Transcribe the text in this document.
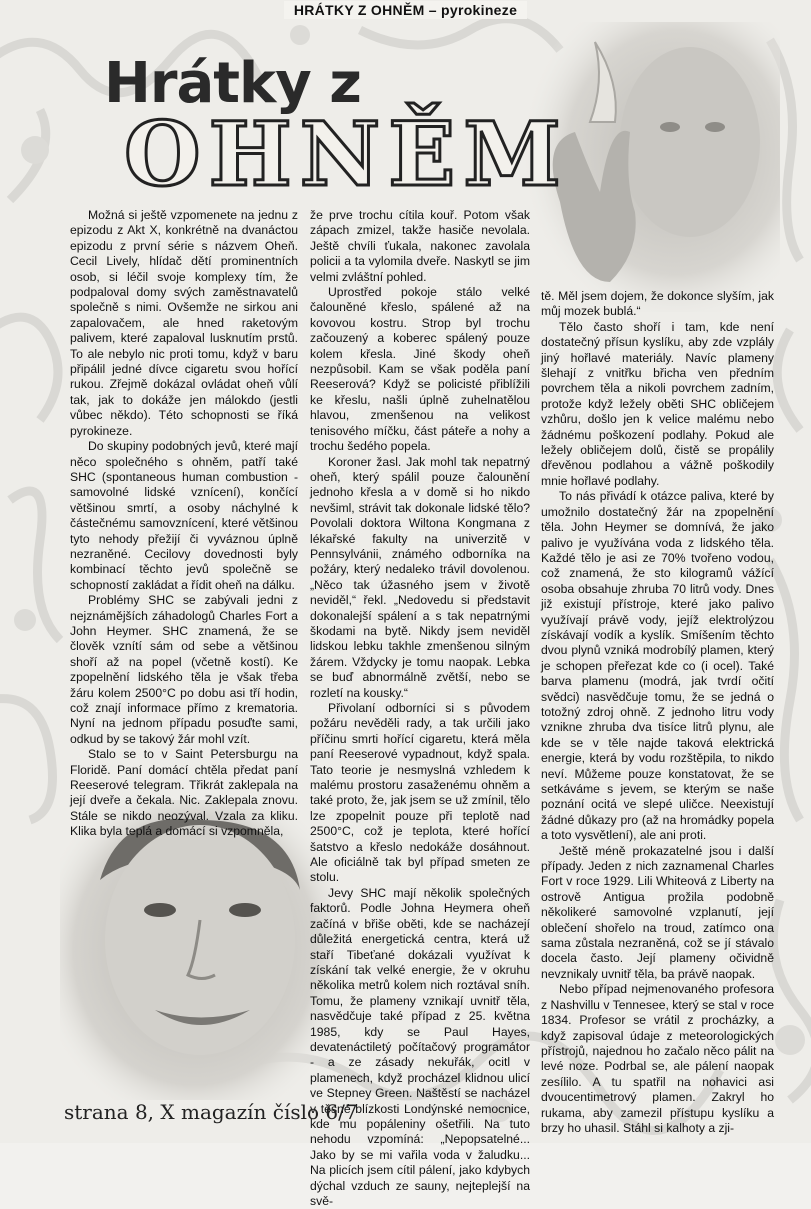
HRÁTKY Z OHNĚM – pyrokineze
Hrátky z
OHNĚM

Možná si ještě vzpomenete na jednu z epizodu z Akt X, konkrétně na dvanáctou epizodu z první série s názvem Oheň. Cecil Lively, hlídač dětí prominentních osob, si léčil svoje komplexy tím, že podpaloval domy svých zaměstnavatelů společně s nimi. Ovšemže ne sirkou ani zapalovačem, ale hned raketovým palivem, které zapaloval lusknutím prstů. To ale nebylo nic proti tomu, když v baru připálil jedné dívce cigaretu svou hořící rukou. Zřejmě dokázal ovládat oheň vůlí tak, jak to dokáže jen málokdo (jestli vůbec někdo). Této schopnosti se říká pyrokineze.

Do skupiny podobných jevů, které mají něco společného s ohněm, patří také SHC (spontaneous human combustion - samovolné lidské vznícení), končící většinou smrtí, a osoby náchylné k částečnému samovznícení, které většinou tyto nehody přežijí či vyváznou úplně nezraněné. Cecilovy dovednosti byly kombinací těchto jevů společně se schopností zakládat a řídit oheň na dálku.

Problémy SHC se zabývali jedni z nejznámějších záhadologů Charles Fort a John Heymer. SHC znamená, že se člověk vznítí sám od sebe a většinou shoří až na popel (včetně kostí). Ke zpopelnění lidského těla je však třeba žáru kolem 2500°C po dobu asi tří hodin, což znají informace přímo z krematoria. Nyní na jednom případu posuďte sami, odkud by se takový žár mohl vzít.

Stalo se to v Saint Petersburgu na Floridě. Paní domácí chtěla předat paní Reeserové telegram. Třikrát zaklepala na její dveře a čekala. Nic. Zaklepala znovu. Stále se nikdo neozýval. Vzala za kliku. Klika byla teplá a domácí si vzpomněla,

že prve trochu cítila kouř. Potom však zápach zmizel, takže hasiče nevolala. Ještě chvíli ťukala, nakonec zavolala policii a ta vylomila dveře. Naskytl se jim velmi zvláštní pohled.

Uprostřed pokoje stálo velké čalouněné křeslo, spálené až na kovovou kostru. Strop byl trochu začouzený a koberec spálený pouze kolem křesla. Jiné škody oheň nezpůsobil. Kam se však poděla paní Reeserová? Když se policisté přiblížili ke křeslu, našli úplně zuhelnatělou hlavou, zmenšenou na velikost tenisového míčku, část páteře a nohy a trochu šedého popela.

Koroner žasl. Jak mohl tak nepatrný oheň, který spálil pouze čalounění jednoho křesla a v domě si ho nikdo nevšiml, strávit tak dokonale lidské tělo? Povolali doktora Wiltona Kongmana z lékařské fakulty na univerzitě v Pennsylvánii, známého odborníka na požáry, který nedaleko trávil dovolenou. „Něco tak úžasného jsem v životě neviděl,“ řekl. „Nedovedu si představit dokonalejší spálení a s tak nepatrnými škodami na bytě. Nikdy jsem neviděl lidskou lebku takhle zmenšenou silným žárem. Vždycky je tomu naopak. Lebka se buď abnormálně zvětší, nebo se rozletí na kousky.“

Přivolaní odborníci si s původem požáru nevěděli rady, a tak určili jako příčinu smrti hořící cigaretu, která měla paní Reeserové vypadnout, když spala. Tato teorie je nesmyslná vzhledem k malému prostoru zasaženému ohněm a také proto, že, jak jsem se už zmínil, tělo lze zpopelnit pouze při teplotě nad 2500°C, což je teplota, které hořící šatstvo a křeslo nedokáže dosáhnout. Ale oficiálně tak byl případ smeten ze stolu.

Jevy SHC mají několik společných faktorů. Podle Johna Heymera oheň začíná v břiše oběti, kde se nacházejí důležitá energetická centra, která už staří Tibeťané dokázali využívat k získání tak velké energie, že v okruhu několika metrů kolem nich roztával sníh. Tomu, že plameny vznikají uvnitř těla, nasvědčuje také případ z 25. května 1985, kdy se Paul Hayes, devatenáctiletý počítačový programátor - a ze zásady nekuřák, ocitl v plamenech, když procházel klidnou ulicí ve Stepney Green. Naštěstí se nacházel v těsné blízkosti Londýnské nemocnice, kde mu popáleniny ošetřili. Na tuto nehodu vzpomíná: „Nepopsatelné... Jako by se mi vařila voda v žaludku... Na plicích jsem cítil pálení, jako kdybych dýchal vzduch ze sauny, nejteplejší na svě-

tě. Měl jsem dojem, že dokonce slyším, jak můj mozek bublá.“

Tělo často shoří i tam, kde není dostatečný přísun kyslíku, aby zde vzplály jiný hořlavé materiály. Navíc plameny šlehají z vnitřku břicha ven předním povrchem těla a nikoli povrchem zadním, protože když ležely oběti SHC obličejem vzhůru, došlo jen k velice malému nebo žádnému poškození podlahy. Pokud ale ležely obličejem dolů, čistě se propálily dřevěnou podlahou a vážně poškodily mnie hořlavé podlahy.

To nás přivádí k otázce paliva, které by umožnilo dostatečný žár na zpopelnění těla. John Heymer se domnívá, že jako palivo je využívána voda z lidského těla. Každé tělo je asi ze 70% tvořeno vodou, což znamená, že sto kilogramů vážící osoba obsahuje zhruba 70 litrů vody. Dnes již existují přístroje, které jako palivo využívají právě vody, jejíž elektrolýzou získávají vodík a kyslík. Smíšením těchto dvou plynů vzniká modrobílý plamen, který je schopen přeřezat kde co (i ocel). Také barva plamenu (modrá, jak tvrdí očití svědci) nasvědčuje tomu, že se jedná o totožný zdroj ohně. Z jednoho litru vody vznikne zhruba dva tisíce litrů plynu, ale kde se v těle najde taková elektrická energie, která by vodu rozštěpila, to nikdo neví. Můžeme pouze konstatovat, že se setkáváme s jevem, se kterým se naše poznání ocitá ve slepé uličce. Neexistují žádné důkazy pro (až na hromádky popela a toto vysvětlení), ale ani proti.

Ještě méně prokazatelné jsou i další případy. Jeden z nich zaznamenal Charles Fort v roce 1929. Lili Whiteová z Liberty na ostrově Antigua prožila podobně několikeré samovolné vzplanutí, její oblečení shořelo na troud, zatímco ona sama zůstala nezraněná, což se jí stávalo docela často. Její plameny očividně nevznikaly uvnitř těla, ba právě naopak.

Nebo případ nejmenovaného profesora z Nashvillu v Tennesee, který se stal v roce 1834. Profesor se vrátil z procházky, a když zapisoval údaje z meteorologických přístrojů, najednou ho začalo něco pálit na levé noze. Podrbal se, ale pálení naopak zesílilo. A tu spatřil na nohavici asi dvoucentimetrový plamen. Zakryl ho rukama, aby zamezil přístupu kyslíku a brzy ho uhasil. Stáhl si kalhoty a zji-

strana 8, X magazín číslo 6/7
